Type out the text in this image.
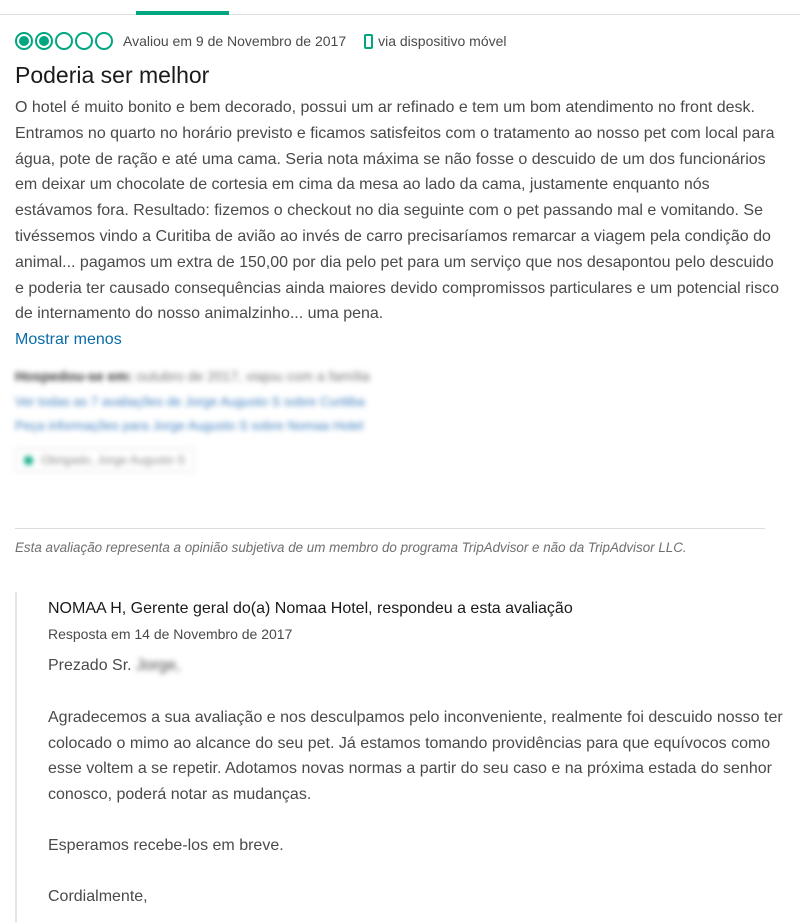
Avaliou em 9 de Novembro de 2017 via dispositivo móvel
Poderia ser melhor

O hotel é muito bonito e bem decorado, possui um ar refinado e tem um bom atendimento no front desk. Entramos no quarto no horário previsto e ficamos satisfeitos com o tratamento ao nosso pet com local para água, pote de ração e até uma cama. Seria nota máxima se não fosse o descuido de um dos funcionários em deixar um chocolate de cortesia em cima da mesa ao lado da cama, justamente enquanto nós estávamos fora. Resultado: fizemos o checkout no dia seguinte com o pet passando mal e vomitando. Se tivéssemos vindo a Curitiba de avião ao invés de carro precisaríamos remarcar a viagem pela condição do animal... pagamos um extra de 150,00 por dia pelo pet para um serviço que nos desapontou pelo descuido e poderia ter causado consequências ainda maiores devido compromissos particulares e um potencial risco de internamento do nosso animalzinho... uma pena.

Mostrar menos
Hospedou-se em: outubro de 2017, viajou com a família
Ver todas as 7 avaliações de Jorge Augusto S sobre Curitiba
Peça informações para Jorge Augusto S sobre Nomaa Hotel
Obrigado, Jorge Augusto S
Esta avaliação representa a opinião subjetiva de um membro do programa TripAdvisor e não da TripAdvisor LLC.
NOMAA H, Gerente geral do(a) Nomaa Hotel, respondeu a esta avaliação
Resposta em 14 de Novembro de 2017

Prezado Sr. Jorge,

Agradecemos a sua avaliação e nos desculpamos pelo inconveniente, realmente foi descuido nosso ter colocado o mimo ao alcance do seu pet. Já estamos tomando providências para que equívocos como esse voltem a se repetir. Adotamos novas normas a partir do seu caso e na próxima estada do senhor conosco, poderá notar as mudanças.

Esperamos recebe-los em breve.

Cordialmente,
